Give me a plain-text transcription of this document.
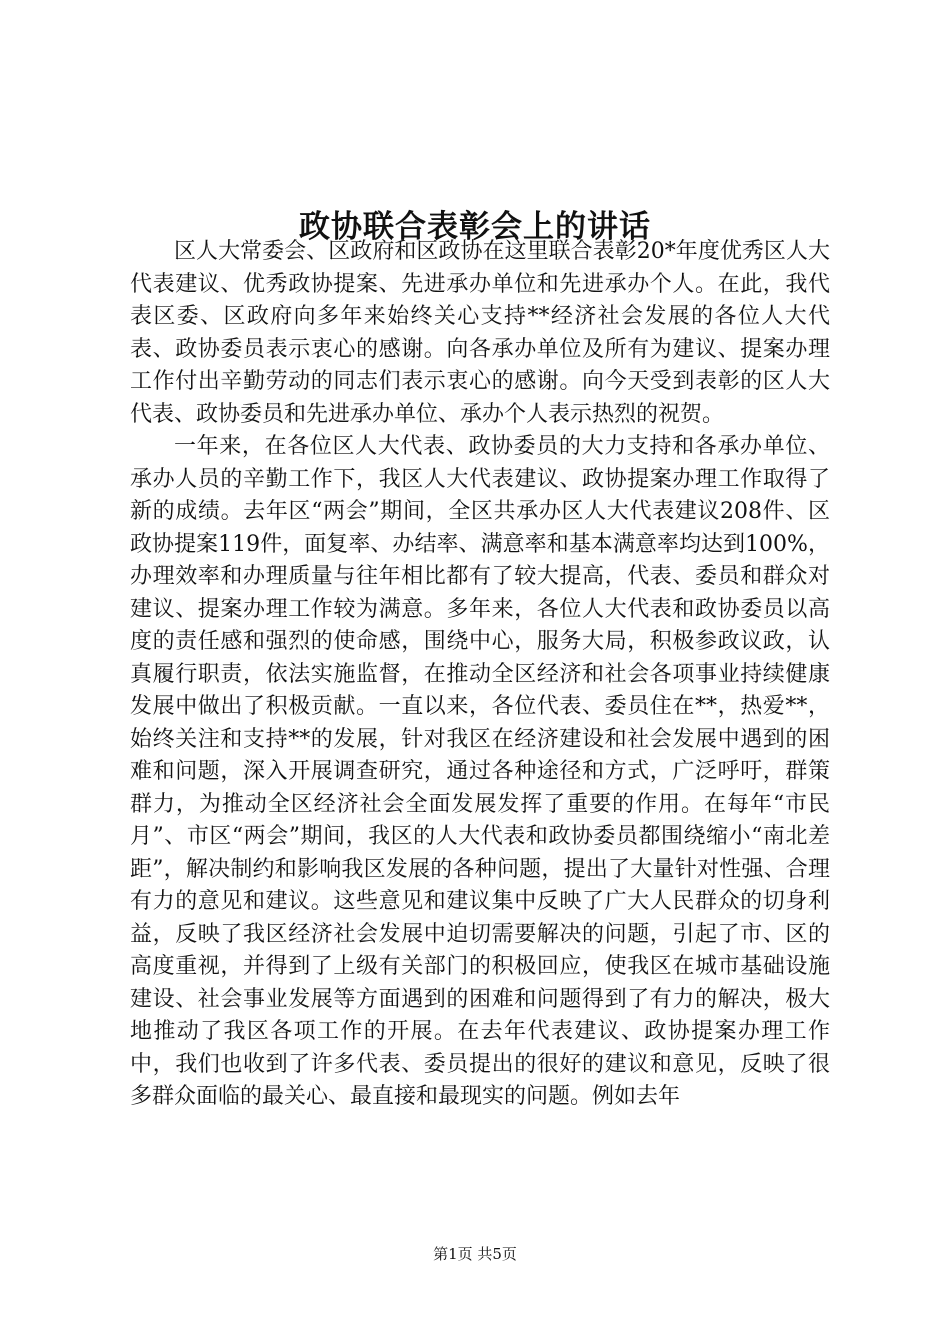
政协联合表彰会上的讲话

区人大常委会、区政府和区政协在这里联合表彰20*年度优秀区人大代表建议、优秀政协提案、先进承办单位和先进承办个人。在此，我代表区委、区政府向多年来始终关心支持**经济社会发展的各位人大代表、政协委员表示衷心的感谢。向各承办单位及所有为建议、提案办理工作付出辛勤劳动的同志们表示衷心的感谢。向今天受到表彰的区人大代表、政协委员和先进承办单位、承办个人表示热烈的祝贺。

一年来，在各位区人大代表、政协委员的大力支持和各承办单位、承办人员的辛勤工作下，我区人大代表建议、政协提案办理工作取得了新的成绩。去年区“两会”期间，全区共承办区人大代表建议208件、区政协提案119件，面复率、办结率、满意率和基本满意率均达到100%，办理效率和办理质量与往年相比都有了较大提高，代表、委员和群众对建议、提案办理工作较为满意。多年来，各位人大代表和政协委员以高度的责任感和强烈的使命感，围绕中心，服务大局，积极参政议政，认真履行职责，依法实施监督，在推动全区经济和社会各项事业持续健康发展中做出了积极贡献。一直以来，各位代表、委员住在**，热爱**，始终关注和支持**的发展，针对我区在经济建设和社会发展中遇到的困难和问题，深入开展调查研究，通过各种途径和方式，广泛呼吁，群策群力，为推动全区经济社会全面发展发挥了重要的作用。在每年“市民月”、市区“两会”期间，我区的人大代表和政协委员都围绕缩小“南北差距”，解决制约和影响我区发展的各种问题，提出了大量针对性强、合理有力的意见和建议。这些意见和建议集中反映了广大人民群众的切身利益，反映了我区经济社会发展中迫切需要解决的问题，引起了市、区的高度重视，并得到了上级有关部门的积极回应，使我区在城市基础设施建设、社会事业发展等方面遇到的困难和问题得到了有力的解决，极大地推动了我区各项工作的开展。在去年代表建议、政协提案办理工作中，我们也收到了许多代表、委员提出的很好的建议和意见，反映了很多群众面临的最关心、最直接和最现实的问题。例如去年

第1页 共5页
